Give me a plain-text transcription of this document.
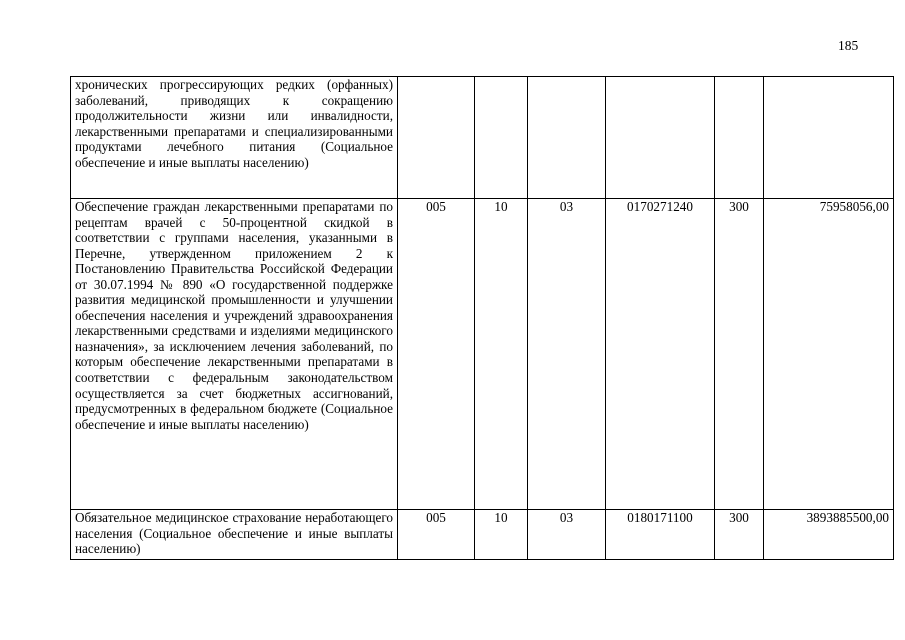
185
хронических прогрессирующих редких (орфанных) заболеваний, приводящих к сокращению продолжительности жизни или инвалидности, лекарственными препаратами и специализированными продуктами лечебного питания (Социальное обеспечение и иные выплаты населению)						
Обеспечение граждан лекарственными препаратами по рецептам врачей с 50-процентной скидкой в соответствии с группами населения, указанными в Перечне, утвержденном приложением 2 к Постановлению Правительства Российской Федерации от 30.07.1994 № 890 «О государственной поддержке развития медицинской промышленности и улучшении обеспечения населения и учреждений здравоохранения лекарственными средствами и изделиями медицинского назначения», за исключением лечения заболеваний, по которым обеспечение лекарственными препаратами в соответствии с федеральным законодательством осуществляется за счет бюджетных ассигнований, предусмотренных в федеральном бюджете (Социальное обеспечение и иные выплаты населению)	005	10	03	0170271240	300	75958056,00
Обязательное медицинское страхование неработающего населения (Социальное обеспечение и иные выплаты населению)	005	10	03	0180171100	300	3893885500,00
